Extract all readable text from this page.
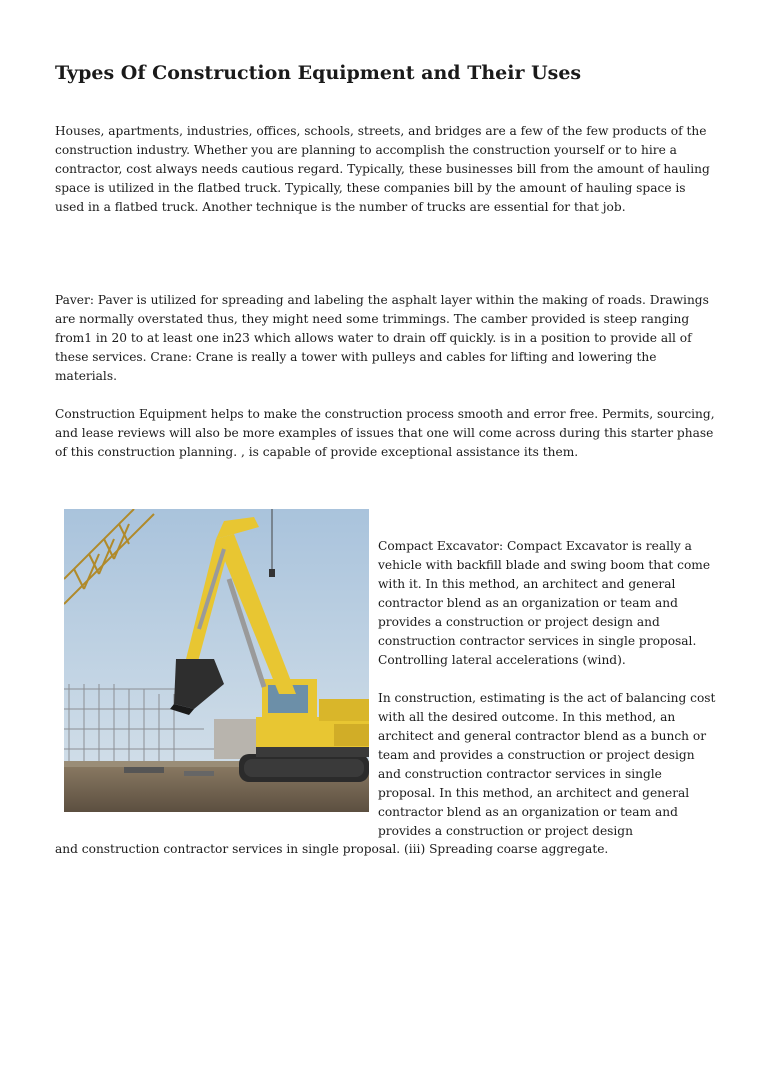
Types Of Construction Equipment and Their Uses

Houses, apartments, industries, offices, schools, streets, and bridges are a few of the few products of the construction industry. Whether you are planning to accomplish the construction yourself or to hire a contractor, cost always needs cautious regard. Typically, these businesses bill from the amount of hauling space is utilized in the flatbed truck. Typically, these companies bill by the amount of hauling space is used in a flatbed truck. Another technique is the number of trucks are essential for that job.

Paver: Paver is utilized for spreading and labeling the asphalt layer within the making of roads. Drawings are normally overstated thus, they might need some trimmings. The camber provided is steep ranging from1 in 20 to at least one in23 which allows water to drain off quickly. is in a position to provide all of these services. Crane: Crane is really a tower with pulleys and cables for lifting and lowering the materials.

Construction Equipment helps to make the construction process smooth and error free. Permits, sourcing, and lease reviews will also be more examples of issues that one will come across during this starter phase of this construction planning. , is capable of provide exceptional assistance its them.

Compact Excavator: Compact Excavator is really a vehicle with backfill blade and swing boom that come with it. In this method, an architect and general contractor blend as an organization or team and provides a construction or project design and construction contractor services in single proposal. Controlling lateral accelerations (wind).

In construction, estimating is the act of balancing cost with all the desired outcome. In this method, an architect and general contractor blend as a bunch or team and provides a construction or project design and construction contractor services in single proposal. In this method, an architect and general contractor blend as an organization or team and provides a construction or project design

and construction contractor services in single proposal. (iii) Spreading coarse aggregate.
